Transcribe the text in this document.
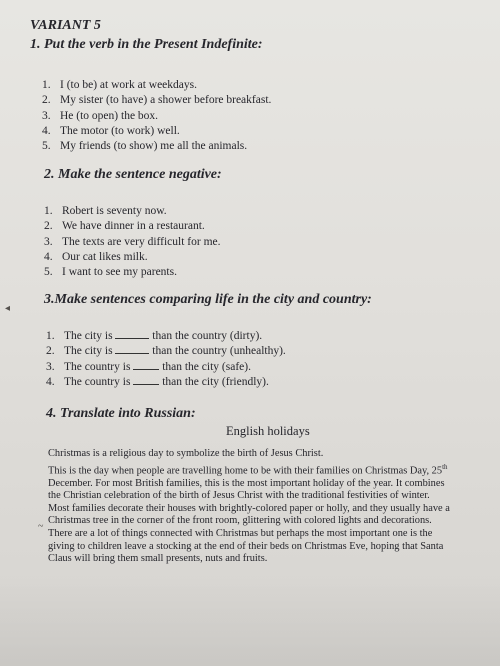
VARIANT 5
1. Put the verb in the Present Indefinite:
1. I (to be) at work at weekdays.
2. My sister (to have) a shower before breakfast.
3. He (to open) the box.
4. The motor (to work) well.
5. My friends (to show) me all the animals.
2. Make the sentence negative:
1. Robert is seventy now.
2. We have dinner in a restaurant.
3. The texts are very difficult for me.
4. Our cat likes milk.
5. I want to see my parents.
3.Make sentences comparing life in the city and country:
1. The city is	than the country (dirty).
2. The city is	than the country (unhealthy).
3. The country is	than the city (safe).
4. The country is	than the city (friendly).
4. Translate into Russian:
English holidays
Christmas is a religious day to symbolize the birth of Jesus Christ.
This is the day when people are travelling home to be with their families on Christmas Day, 25th
December. For most British families, this is the most important holiday of the year. It combines
the Christian celebration of the birth of Jesus Christ with the traditional festivities of winter.
Most families decorate their houses with brightly-colored paper or holly, and they usually have a
Christmas tree in the corner of the front room, glittering with colored lights and decorations.
There are a lot of things connected with Christmas but perhaps the most important one is the
giving to children leave a stocking at the end of their beds on Christmas Eve, hoping that Santa
Claus will bring them small presents, nuts and fruits.
◂
~
